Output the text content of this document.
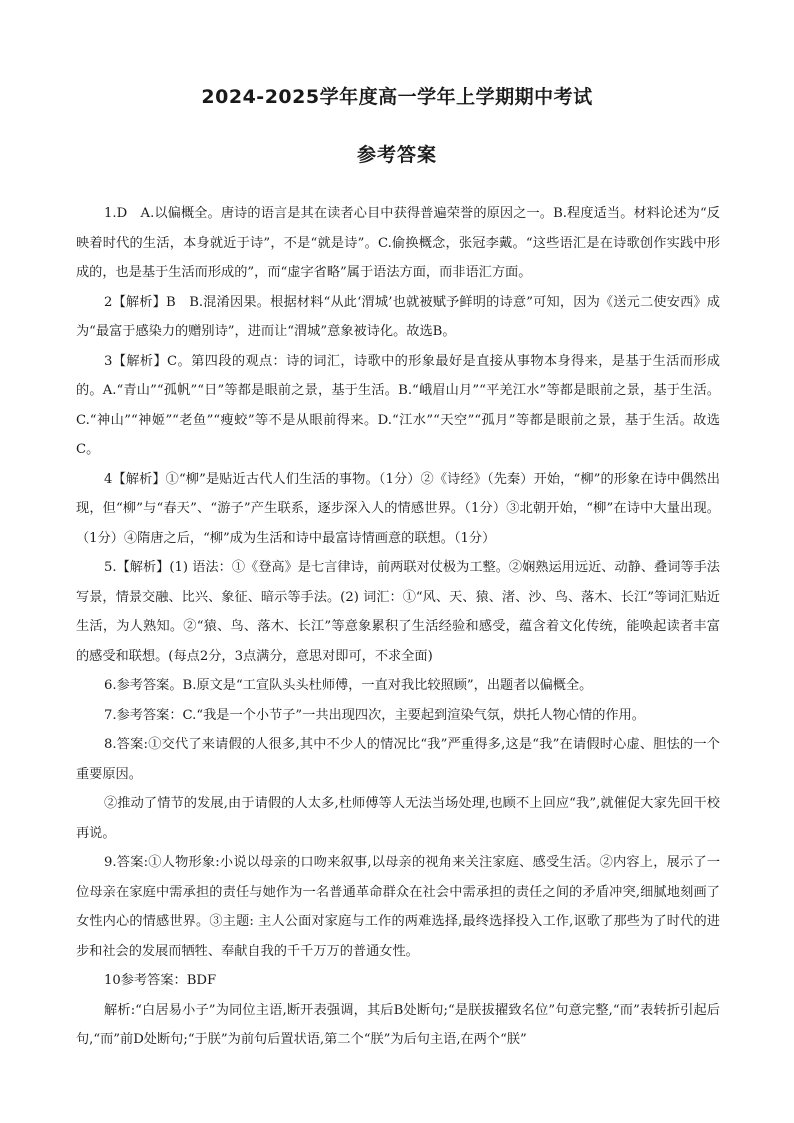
2024-2025学年度高一学年上学期期中考试
参考答案

1.D　A.以偏概全。唐诗的语言是其在读者心目中获得普遍荣誉的原因之一。B.程度适当。材料论述为“反映着时代的生活，本身就近于诗”，不是“就是诗”。C.偷换概念，张冠李戴。“这些语汇是在诗歌创作实践中形成的，也是基于生活而形成的”，而“虚字省略”属于语法方面，而非语汇方面。

2【解析】B　B.混淆因果。根据材料“从此‘渭城’也就被赋予鲜明的诗意”可知，因为《送元二使安西》成为“最富于感染力的赠别诗”，进而让“渭城”意象被诗化。故选B。

3【解析】C。第四段的观点：诗的词汇，诗歌中的形象最好是直接从事物本身得来，是基于生活而形成的。A.“青山”“孤帆”“日”等都是眼前之景，基于生活。B.“峨眉山月”“平羌江水”等都是眼前之景，基于生活。C.“神山”“神姬”“老鱼”“瘦蛟”等不是从眼前得来。D.“江水”“天空”“孤月”等都是眼前之景，基于生活。故选C。

4【解析】①“柳”是贴近古代人们生活的事物。（1分）②《诗经》（先秦）开始，“柳”的形象在诗中偶然出现，但“柳”与“春天”、“游子”产生联系，逐步深入人的情感世界。（1分）③北朝开始，“柳”在诗中大量出现。（1分）④隋唐之后，“柳”成为生活和诗中最富诗情画意的联想。（1分）

5.【解析】(1) 语法：①《登高》是七言律诗，前两联对仗极为工整。②娴熟运用远近、动静、叠词等手法写景，情景交融、比兴、象征、暗示等手法。(2) 词汇：①“风、天、猿、渚、沙、鸟、落木、长江”等词汇贴近生活，为人熟知。②“猿、鸟、落木、长江”等意象累积了生活经验和感受，蕴含着文化传统，能唤起读者丰富的感受和联想。(每点2分，3点满分，意思对即可，不求全面)

6.参考答案。B.原文是“工宣队头头杜师傅，一直对我比较照顾”，出题者以偏概全。

7.参考答案：C.“我是一个小节子”一共出现四次，主要起到渲染气氛，烘托人物心情的作用。

8.答案:①交代了来请假的人很多,其中不少人的情况比“我”严重得多,这是“我”在请假时心虚、胆怯的一个重要原因。

②推动了情节的发展,由于请假的人太多,杜师傅等人无法当场处理,也顾不上回应“我”,就催促大家先回干校再说。

9.答案:①人物形象:小说以母亲的口吻来叙事,以母亲的视角来关注家庭、感受生活。②内容上，展示了一位母亲在家庭中需承担的责任与她作为一名普通革命群众在社会中需承担的责任之间的矛盾冲突,细腻地刻画了女性内心的情感世界。③主题: 主人公面对家庭与工作的两难选择,最终选择投入工作,讴歌了那些为了时代的进步和社会的发展而牺牲、奉献自我的千千万万的普通女性。

10参考答案：BDF

解析:“白居易小子”为同位主语,断开表强调，其后B处断句;“是朕拔擢致名位”句意完整,“而”表转折引起后句,“而”前D处断句;“于朕”为前句后置状语,第二个“朕”为后句主语,在两个“朕”
